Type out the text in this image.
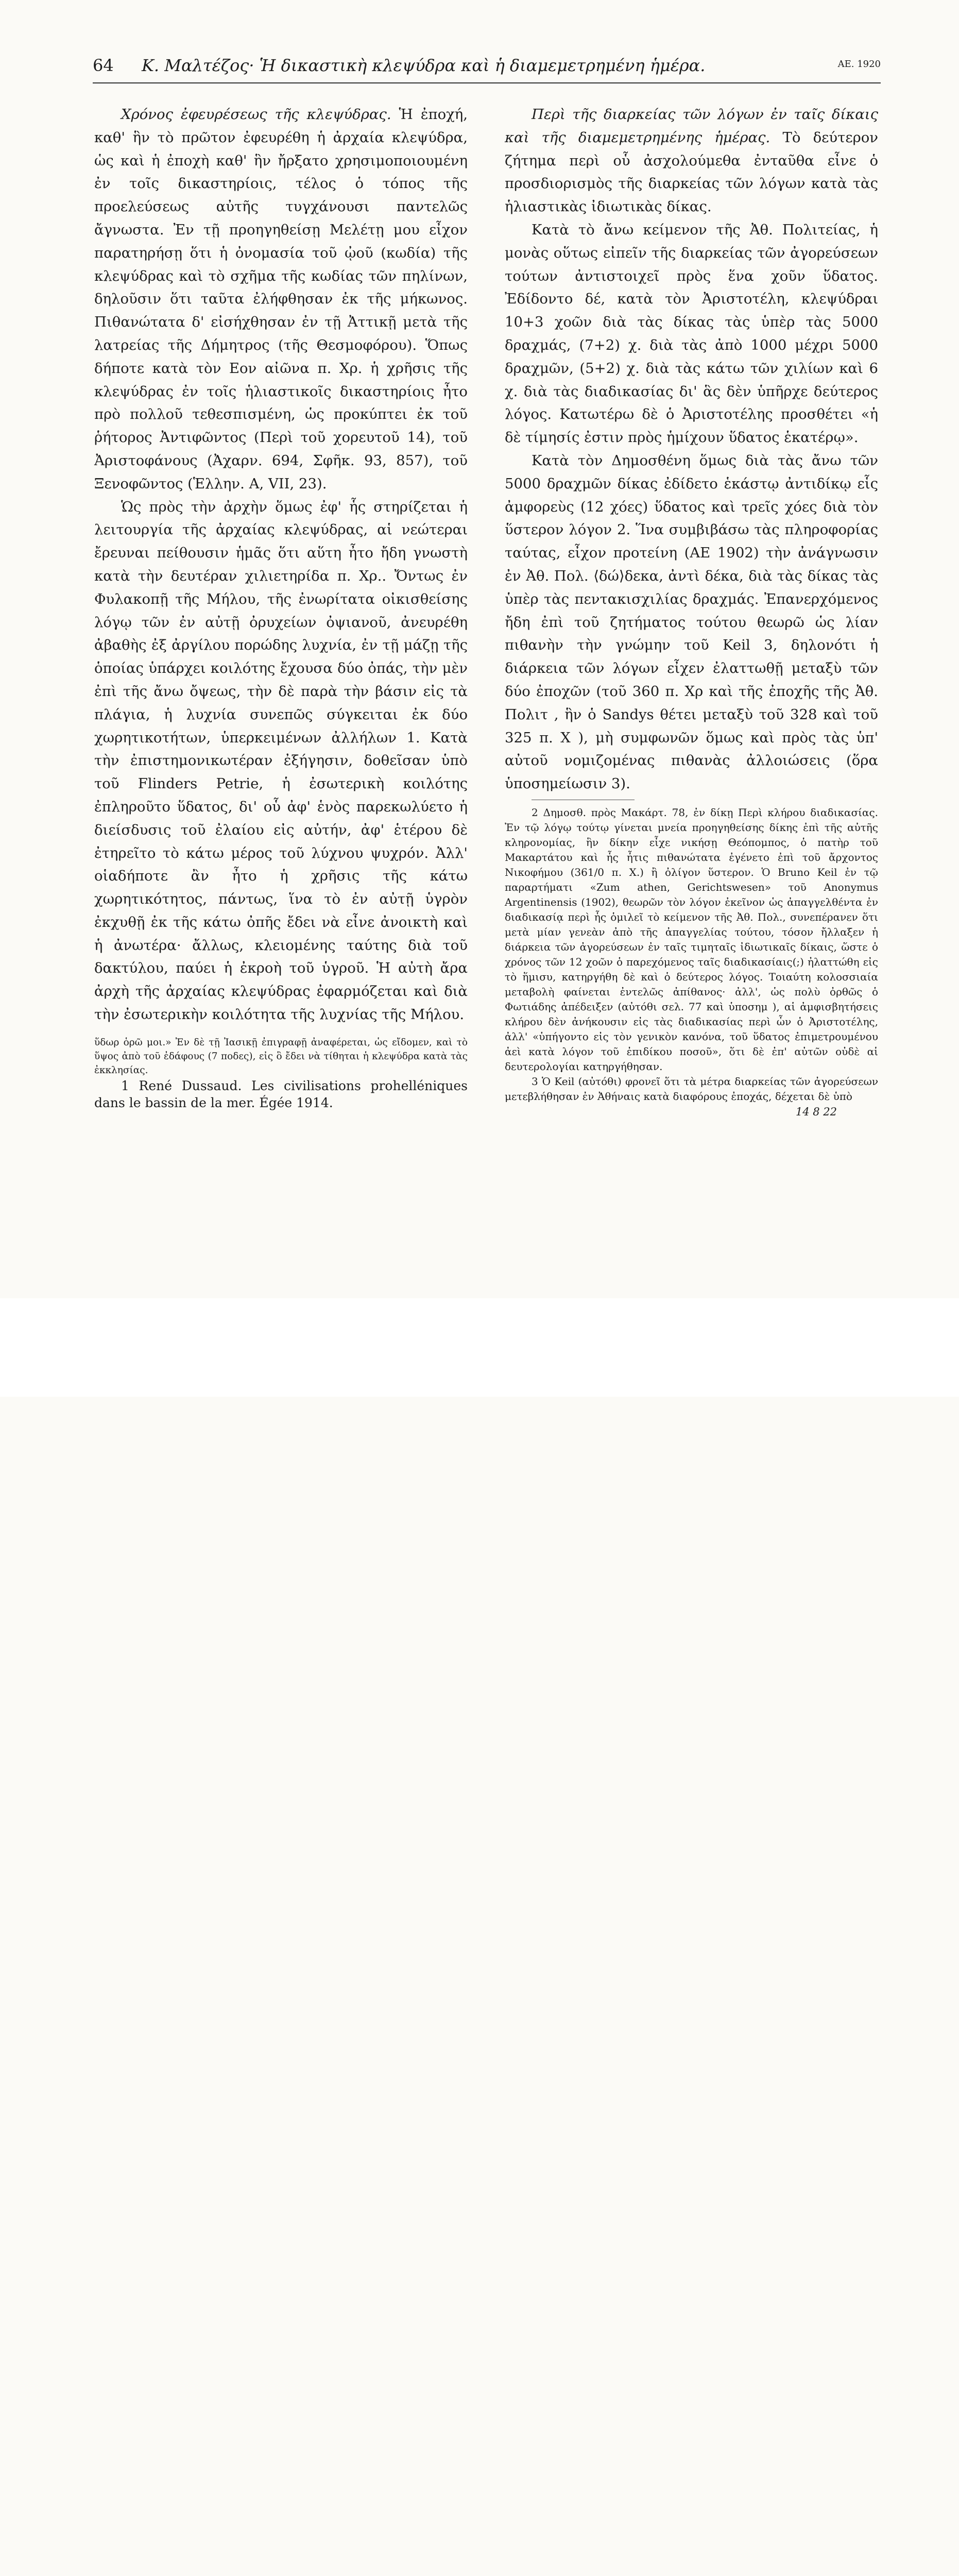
64 Κ. Μαλτέζος· Ἡ δικαστικὴ κλεψύδρα καὶ ἡ διαμεμετρημένη ἡμέρα.	ΑΕ. 1920

Χρόνος ἐφευρέσεως τῆς κλεψύδρας. Ἡ ἐποχή, καθ' ἣν τὸ πρῶτον ἐφευρέθη ἡ ἀρχαία κλεψύδρα, ὡς καὶ ἡ ἐποχὴ καθ' ἣν ἤρξατο χρησιμοποιουμένη ἐν τοῖς δικαστηρίοις, τέλος ὁ τόπος τῆς προελεύσεως αὐτῆς τυγχάνουσι παντελῶς ἄγνωστα. Ἐν τῇ προηγηθείσῃ Μελέτῃ μου εἶχον παρατηρήσῃ ὅτι ἡ ὀνομασία τοῦ ᾠοῦ (κωδία) τῆς κλεψύδρας καὶ τὸ σχῆμα τῆς κωδίας τῶν πηλίνων, δηλοῦσιν ὅτι ταῦτα ἐλήφθησαν ἐκ τῆς μήκωνος. Πιθανώτατα δ' εἰσήχθησαν ἐν τῇ Ἀττικῇ μετὰ τῆς λατρείας τῆς Δήμητρος (τῆς Θεσμοφόρου). Ὅπως δήποτε κατὰ τὸν Εον αἰῶνα π. Χρ. ἡ χρῆσις τῆς κλεψύδρας ἐν τοῖς ἡλιαστικοῖς δικαστηρίοις ἦτο πρὸ πολλοῦ τεθεσπισμένη, ὡς προκύπτει ἐκ τοῦ ῥήτορος Ἀντιφῶντος (Περὶ τοῦ χορευτοῦ 14), τοῦ Ἀριστοφάνους (Ἀχαρν. 694, Σφῆκ. 93, 857), τοῦ Ξενοφῶντος (Ἑλλην. Α, VII, 23).

Ὡς πρὸς τὴν ἀρχὴν ὅμως ἐφ' ἧς στηρίζεται ἡ λειτουργία τῆς ἀρχαίας κλεψύδρας, αἱ νεώτεραι ἔρευναι πείθουσιν ἡμᾶς ὅτι αὕτη ἦτο ἤδη γνωστὴ κατὰ τὴν δευτέραν χιλιετηρίδα π. Χρ.. Ὄντως ἐν Φυλακοπῇ τῆς Μήλου, τῆς ἐνωρίτατα οἰκισθείσης λόγῳ τῶν ἐν αὐτῇ ὀρυχείων ὀψιανοῦ, ἀνευρέθη ἀβαθὴς ἐξ ἀργίλου πορώδης λυχνία, ἐν τῇ μάζῃ τῆς ὁποίας ὑπάρχει κοιλότης ἔχουσα δύο ὀπάς, τὴν μὲν ἐπὶ τῆς ἄνω ὄψεως, τὴν δὲ παρὰ τὴν βάσιν εἰς τὰ πλάγια, ἡ λυχνία συνεπῶς σύγκειται ἐκ δύο χωρητικοτήτων, ὑπερκειμένων ἀλλήλων 1. Κατὰ τὴν ἐπιστημονικωτέραν ἐξήγησιν, δοθεῖσαν ὑπὸ τοῦ Flinders Petrie, ἡ ἐσωτερικὴ κοιλότης ἐπληροῦτο ὕδατος, δι' οὗ ἀφ' ἑνὸς παρεκωλύετο ἡ διείσδυσις τοῦ ἐλαίου εἰς αὐτήν, ἀφ' ἑτέρου δὲ ἐτηρεῖτο τὸ κάτω μέρος τοῦ λύχνου ψυχρόν. Ἀλλ' οἱαδήποτε ἂν ἦτο ἡ χρῆσις τῆς κάτω χωρητικότητος, πάντως, ἵνα τὸ ἐν αὐτῇ ὑγρὸν ἐκχυθῇ ἐκ τῆς κάτω ὀπῆς ἔδει νὰ εἶνε ἀνοικτὴ καὶ ἡ ἀνωτέρα· ἄλλως, κλειομένης ταύτης διὰ τοῦ δακτύλου, παύει ἡ ἐκροὴ τοῦ ὑγροῦ. Ἡ αὐτὴ ἄρα ἀρχὴ τῆς ἀρχαίας κλεψύδρας ἐφαρμόζεται καὶ διὰ τὴν ἐσωτερικὴν κοιλότητα τῆς λυχνίας τῆς Μήλου.

ὕδωρ ὁρῶ μοι.» Ἐν δὲ τῇ Ἰασικῇ ἐπιγραφῇ ἀναφέρεται, ὡς εἴδομεν, καὶ τὸ ὕψος ἀπὸ τοῦ ἐδάφους (7 ποδες), εἰς ὃ ἔδει νὰ τίθηται ἡ κλεψύδρα κατὰ τὰς ἐκκλησίας.

1 René Dussaud. Les civilisations prohelléniques dans le bassin de la mer. Égée 1914.

Περὶ τῆς διαρκείας τῶν λόγων ἐν ταῖς δίκαις καὶ τῆς διαμεμετρημένης ἡμέρας. Τὸ δεύτερον ζήτημα περὶ οὗ ἀσχολούμεθα ἐνταῦθα εἶνε ὁ προσδιορισμὸς τῆς διαρκείας τῶν λόγων κατὰ τὰς ἡλιαστικὰς ἰδιωτικὰς δίκας.

Κατὰ τὸ ἄνω κείμενον τῆς Ἀθ. Πολιτείας, ἡ μονὰς οὕτως εἰπεῖν τῆς διαρκείας τῶν ἀγορεύσεων τούτων ἀντιστοιχεῖ πρὸς ἕνα χοῦν ὕδατος. Ἐδίδοντο δέ, κατὰ τὸν Ἀριστοτέλη, κλεψύδραι 10+3 χοῶν διὰ τὰς δίκας τὰς ὑπὲρ τὰς 5000 δραχμάς, (7+2) χ. διὰ τὰς ἀπὸ 1000 μέχρι 5000 δραχμῶν, (5+2) χ. διὰ τὰς κάτω τῶν χιλίων καὶ 6 χ. διὰ τὰς διαδικασίας δι' ἃς δὲν ὑπῆρχε δεύτερος λόγος. Κατωτέρω δὲ ὁ Ἀριστοτέλης προσθέτει «ἡ δὲ τίμησίς ἐστιν πρὸς ἡμίχουν ὕδατος ἑκατέρῳ».

Κατὰ τὸν Δημοσθένη ὅμως διὰ τὰς ἄνω τῶν 5000 δραχμῶν δίκας ἐδίδετο ἑκάστῳ ἀντιδίκῳ εἷς ἀμφορεὺς (12 χόες) ὕδατος καὶ τρεῖς χόες διὰ τὸν ὕστερον λόγον 2. Ἵνα συμβιβάσω τὰς πληροφορίας ταύτας, εἶχον προτείνη (ΑΕ 1902) τὴν ἀνάγνωσιν ἐν Ἀθ. Πολ. ⟨δώ⟩δεκα, ἀντὶ δέκα, διὰ τὰς δίκας τὰς ὑπὲρ τὰς πεντακισχιλίας δραχμάς. Ἐπανερχόμενος ἤδη ἐπὶ τοῦ ζητήματος τούτου θεωρῶ ὡς λίαν πιθανὴν τὴν γνώμην τοῦ Keil 3, δηλονότι ἡ διάρκεια τῶν λόγων εἶχεν ἐλαττωθῇ μεταξὺ τῶν δύο ἐποχῶν (τοῦ 360 π. Χρ καὶ τῆς ἐποχῆς τῆς Ἀθ. Πολιτ , ἣν ὁ Sandys θέτει μεταξὺ τοῦ 328 καὶ τοῦ 325 π. Χ ), μὴ συμφωνῶν ὅμως καὶ πρὸς τὰς ὑπ' αὐτοῦ νομιζομένας πιθανὰς ἀλλοιώσεις (ὅρα ὑποσημείωσιν 3).

2 Δημοσθ. πρὸς Μακάρτ. 78, ἐν δίκῃ Περὶ κλήρου διαδικασίας. Ἐν τῷ λόγῳ τούτῳ γίνεται μνεία προηγηθείσης δίκης ἐπὶ τῆς αὐτῆς κληρονομίας, ἣν δίκην εἶχε νικήσῃ Θεόπομπος, ὁ πατὴρ τοῦ Μακαρτάτου καὶ ἧς ἦτις πιθανώτατα ἐγένετο ἐπὶ τοῦ ἄρχοντος Νικοφήμου (361/0 π. Χ.) ἢ ὀλίγον ὕστερον. Ὁ Bruno Keil ἐν τῷ παραρτήματι «Zum athen, Gerichtswesen» τοῦ Anonymus Argentinensis (1902), θεωρῶν τὸν λόγον ἐκεῖνον ὡς ἀπαγγελθέντα ἐν διαδικασίᾳ περὶ ἧς ὁμιλεῖ τὸ κείμενον τῆς Ἀθ. Πολ., συνεπέρανεν ὅτι μετὰ μίαν γενεὰν ἀπὸ τῆς ἀπαγγελίας τούτου, τόσον ἤλλαξεν ἡ διάρκεια τῶν ἀγορεύσεων ἐν ταῖς τιμηταῖς ἰδιωτικαῖς δίκαις, ὥστε ὁ χρόνος τῶν 12 χοῶν ὁ παρεχόμενος ταῖς διαδικασίαις(;) ἠλαττώθη εἰς τὸ ἥμισυ, κατηργήθη δὲ καὶ ὁ δεύτερος λόγος. Τοιαύτη κολοσσιαία μεταβολὴ φαίνεται ἐντελῶς ἀπίθανος· ἀλλ', ὡς πολὺ ὀρθῶς ὁ Φωτιάδης ἀπέδειξεν (αὐτόθι σελ. 77 καὶ ὑποσημ ), αἱ ἀμφισβητήσεις κλήρου δὲν ἀνήκουσιν εἰς τὰς διαδικασίας περὶ ὧν ὁ Ἀριστοτέλης, ἀλλ' «ὑπήγοντο εἰς τὸν γενικὸν κανόνα, τοῦ ὕδατος ἐπιμετρουμένου ἀεὶ κατὰ λόγον τοῦ ἐπιδίκου ποσοῦ», ὅτι δὲ ἐπ' αὐτῶν οὐδὲ αἱ δευτερολογίαι κατηργήθησαν.

3 Ὁ Keil (αὐτόθι) φρονεῖ ὅτι τὰ μέτρα διαρκείας τῶν ἀγορεύσεων μετεβλήθησαν ἐν Ἀθήναις κατὰ διαφόρους ἐποχάς, δέχεται δὲ ὑπὸ

14 8 22
